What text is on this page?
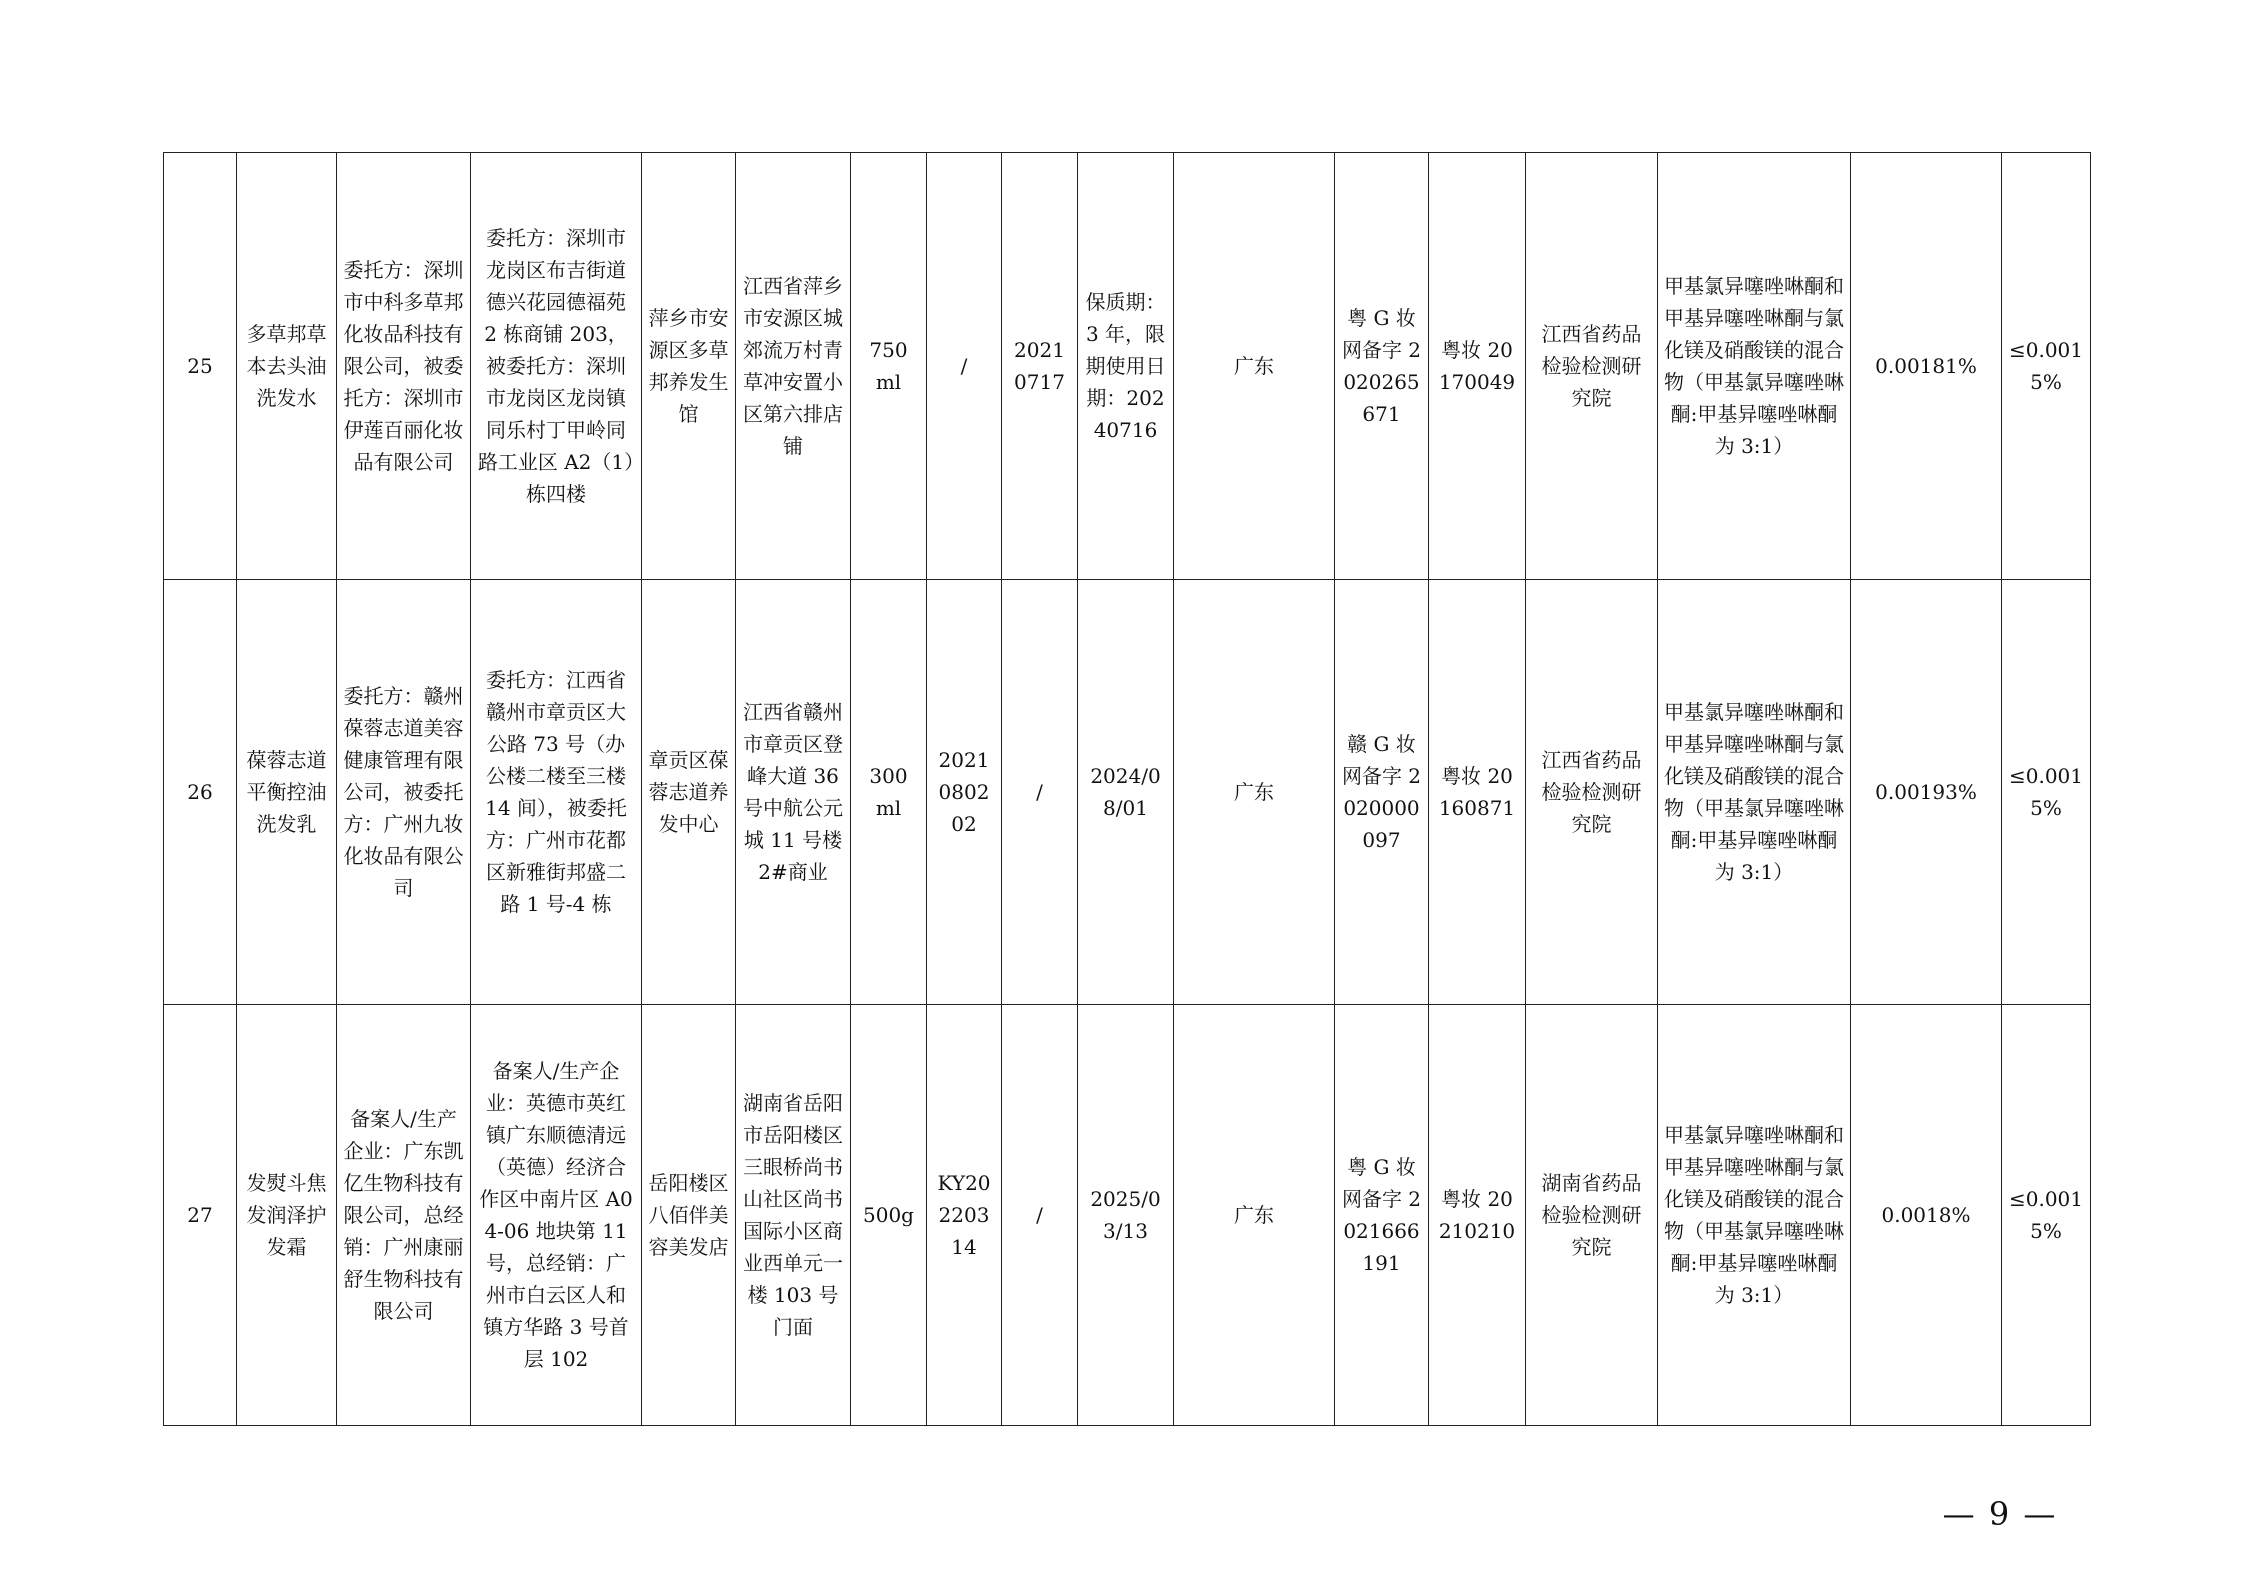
25	多草邦草本去头油洗发水	委托方：深圳市中科多草邦化妆品科技有限公司，被委托方：深圳市伊莲百丽化妆品有限公司	委托方：深圳市龙岗区布吉街道德兴花园德福苑 2 栋商铺 203，被委托方：深圳市龙岗区龙岗镇同乐村丁甲岭同路工业区 A2（1）栋四楼	萍乡市安源区多草邦养发生馆	江西省萍乡市安源区城郊流万村青草冲安置小区第六排店铺	750 ml	/	20210717	保质期：3 年，限期使用日期：20240716	广东	粤 G 妆网备字 2020265671	粤妆 20170049	江西省药品检验检测研究院	甲基氯异噻唑啉酮和甲基异噻唑啉酮与氯化镁及硝酸镁的混合物（甲基氯异噻唑啉酮:甲基异噻唑啉酮为 3:1）	0.00181%	≤0.0015%
26	葆蓉志道平衡控油洗发乳	委托方：赣州葆蓉志道美容健康管理有限公司，被委托方：广州九妆化妆品有限公司	委托方：江西省赣州市章贡区大公路 73 号（办公楼二楼至三楼 14 间），被委托方：广州市花都区新雅街邦盛二路 1 号-4 栋	章贡区葆蓉志道养发中心	江西省赣州市章贡区登峰大道 36 号中航公元城 11 号楼 2#商业	300 ml	20210802 02	/	2024/08/01	广东	赣 G 妆网备字 2020000097	粤妆 20160871	江西省药品检验检测研究院	甲基氯异噻唑啉酮和甲基异噻唑啉酮与氯化镁及硝酸镁的混合物（甲基氯异噻唑啉酮:甲基异噻唑啉酮为 3:1）	0.00193%	≤0.0015%
27	发熨斗焦发润泽护发霜	备案人/生产企业：广东凯亿生物科技有限公司，总经销：广州康丽舒生物科技有限公司	备案人/生产企业：英德市英红镇广东顺德清远（英德）经济合作区中南片区 A04-06 地块第 11 号，总经销：广州市白云区人和镇方华路 3 号首层 102	岳阳楼区八佰伴美容美发店	湖南省岳阳市岳阳楼区三眼桥尚书山社区尚书国际小区商业西单元一楼 103 号门面	500g	KY20220314	/	2025/03/13	广东	粤 G 妆网备字 2021666191	粤妆 20210210	湖南省药品检验检测研究院	甲基氯异噻唑啉酮和甲基异噻唑啉酮与氯化镁及硝酸镁的混合物（甲基氯异噻唑啉酮:甲基异噻唑啉酮为 3:1）	0.0018%	≤0.0015%
— 9 —
